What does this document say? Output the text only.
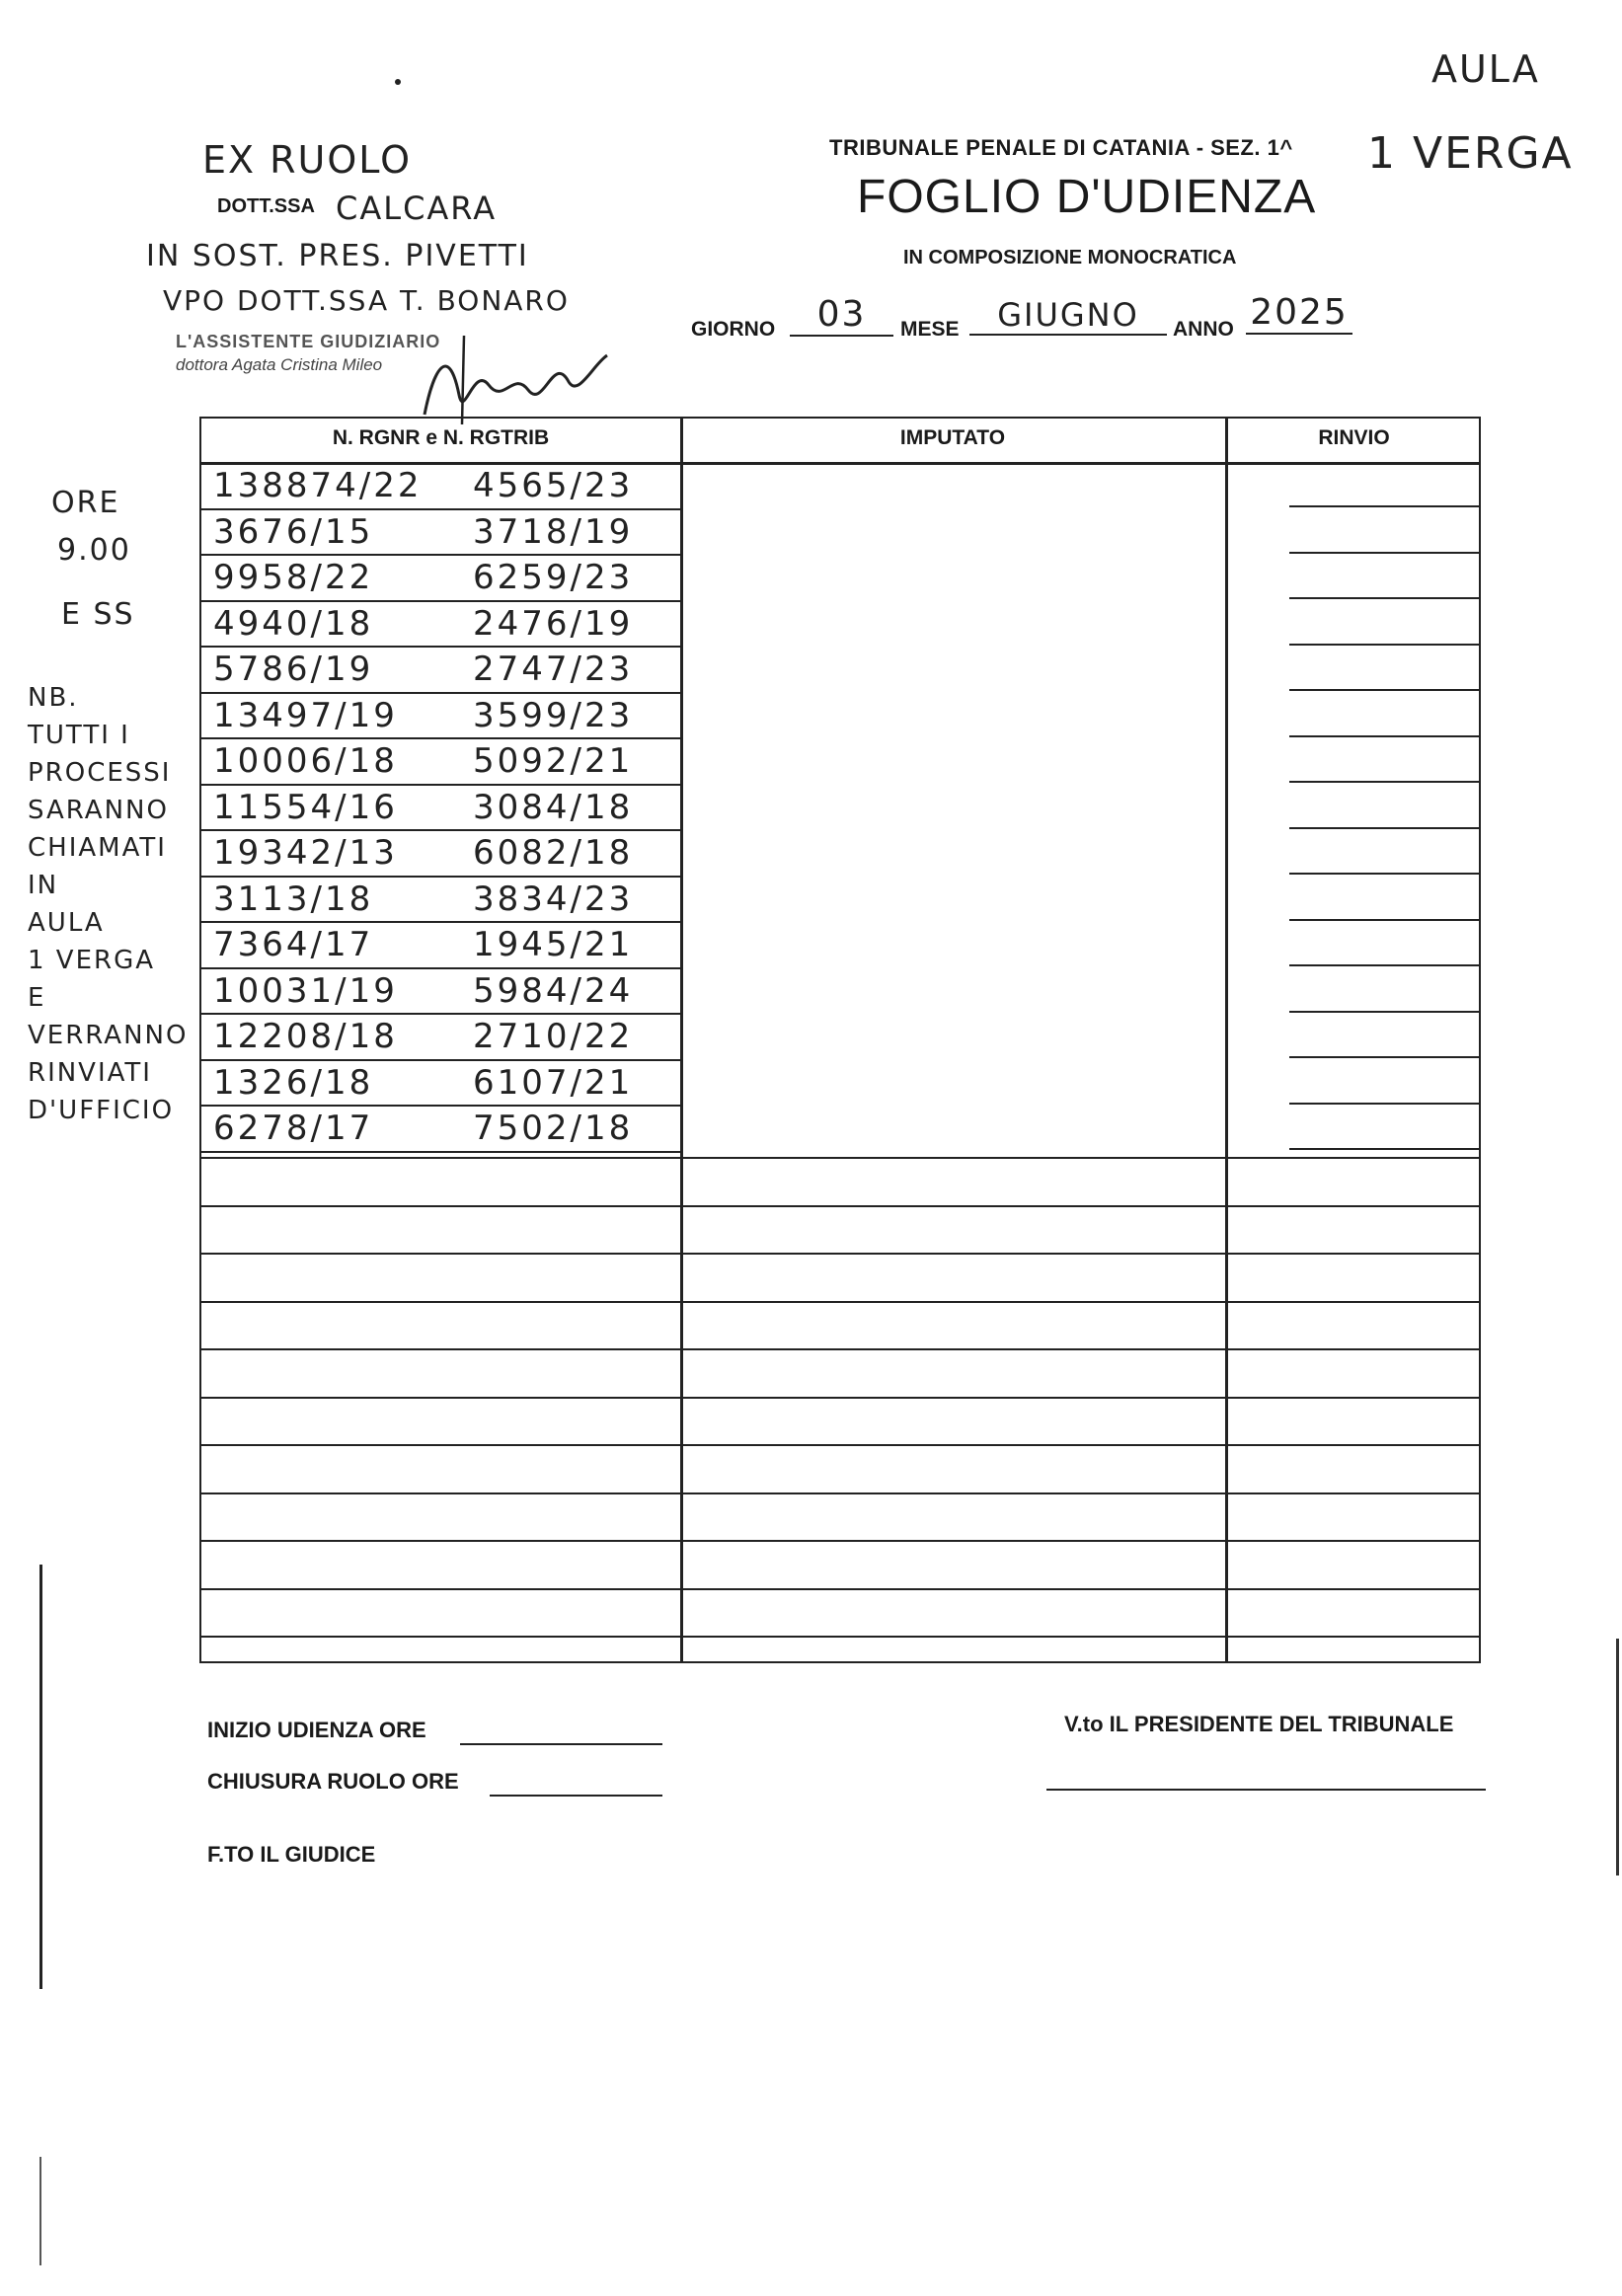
AULA
1 VERGA
EX RUOLO
DOTT.SSA CALCARA
IN SOST. PRES. PIVETTI
VPO DOTT.SSA T. BONARO
L'ASSISTENTE GIUDIZIARIO
dottora Agata Cristina Mileo
TRIBUNALE PENALE DI CATANIA - SEZ. 1^
FOGLIO D'UDIENZA
IN COMPOSIZIONE MONOCRATICA
GIORNO	03	MESE	GIUGNO	ANNO 2025
N. RGNR e N. RGTRIB	IMPUTATO	RINVIO
138874/22 4565/23
3676/15	3718/19
9958/22	6259/23
4940/18	2476/19
5786/19	2747/23
13497/19 3599/23
10006/18 5092/21
11554/16 3084/18
19342/13 6082/18
3113/18	3834/23
7364/17	1945/21
10031/19 5984/24
12208/18 2710/22
1326/18	6107/21
6278/17	7502/18
ORE
9.00
E SS
NB.
TUTTI I
PROCESSI
SARANNO
CHIAMATI
IN
AULA
1 VERGA
E
VERRANNO
RINVIATI
D'UFFICIO
INIZIO UDIENZA ORE
CHIUSURA RUOLO ORE
F.TO IL GIUDICE
V.to IL PRESIDENTE DEL TRIBUNALE
